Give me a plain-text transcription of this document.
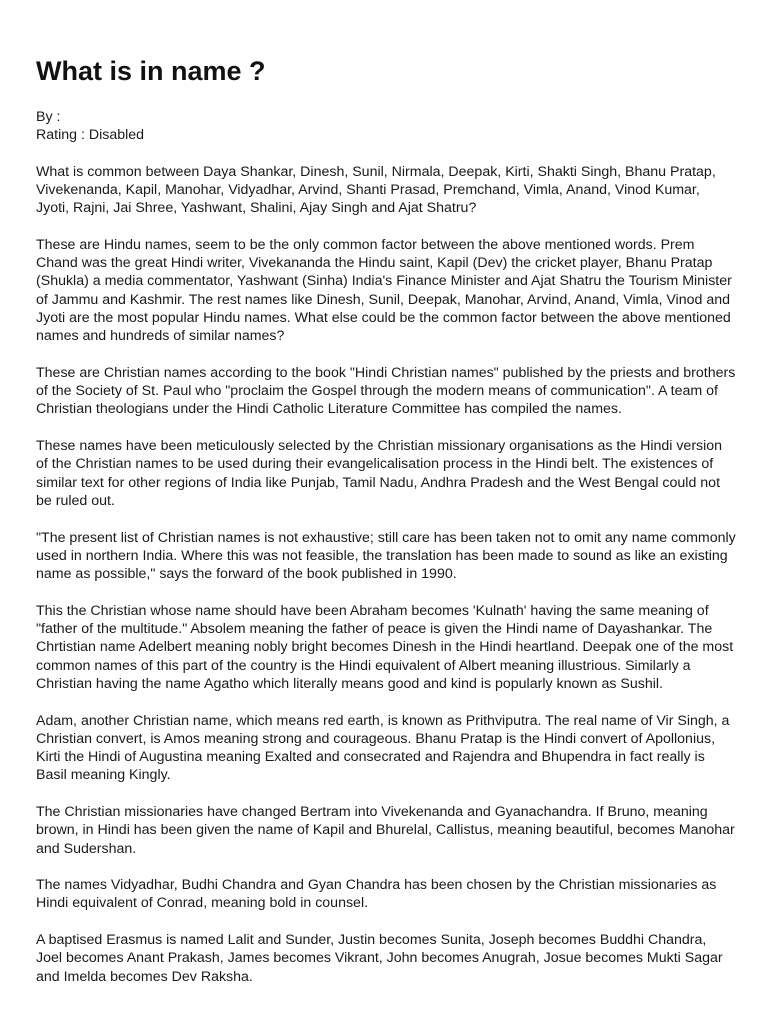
What is in name ?
By :
Rating : Disabled

What is common between Daya Shankar, Dinesh, Sunil, Nirmala, Deepak, Kirti, Shakti Singh, Bhanu Pratap, Vivekenanda, Kapil, Manohar, Vidyadhar, Arvind, Shanti Prasad, Premchand, Vimla, Anand, Vinod Kumar, Jyoti, Rajni, Jai Shree, Yashwant, Shalini, Ajay Singh and Ajat Shatru?

These are Hindu names, seem to be the only common factor between the above mentioned words. Prem Chand was the great Hindi writer, Vivekananda the Hindu saint, Kapil (Dev) the cricket player, Bhanu Pratap (Shukla) a media commentator, Yashwant (Sinha) India's Finance Minister and Ajat Shatru the Tourism Minister of Jammu and Kashmir. The rest names like Dinesh, Sunil, Deepak, Manohar, Arvind, Anand, Vimla, Vinod and Jyoti are the most popular Hindu names. What else could be the common factor between the above mentioned names and hundreds of similar names?

These are Christian names according to the book "Hindi Christian names" published by the priests and brothers of the Society of St. Paul who "proclaim the Gospel through the modern means of communication". A team of Christian theologians under the Hindi Catholic Literature Committee has compiled the names.

These names have been meticulously selected by the Christian missionary organisations as the Hindi version of the Christian names to be used during their evangelicalisation process in the Hindi belt. The existences of similar text for other regions of India like Punjab, Tamil Nadu, Andhra Pradesh and the West Bengal could not be ruled out.

"The present list of Christian names is not exhaustive; still care has been taken not to omit any name commonly used in northern India. Where this was not feasible, the translation has been made to sound as like an existing name as possible," says the forward of the book published in 1990.

This the Christian whose name should have been Abraham becomes 'Kulnath' having the same meaning of "father of the multitude." Absolem meaning the father of peace is given the Hindi name of Dayashankar. The Chrtistian name Adelbert meaning nobly bright becomes Dinesh in the Hindi heartland. Deepak one of the most common names of this part of the country is the Hindi equivalent of Albert meaning illustrious. Similarly a Christian having the name Agatho which literally means good and kind is popularly known as Sushil.

Adam, another Christian name, which means red earth, is known as Prithviputra. The real name of Vir Singh, a Christian convert, is Amos meaning strong and courageous. Bhanu Pratap is the Hindi convert of Apollonius, Kirti the Hindi of Augustina meaning Exalted and consecrated and Rajendra and Bhupendra in fact really is Basil meaning Kingly.

The Christian missionaries have changed Bertram into Vivekenanda and Gyanachandra. If Bruno, meaning brown, in Hindi has been given the name of Kapil and Bhurelal, Callistus, meaning beautiful, becomes Manohar and Sudershan.

The names Vidyadhar, Budhi Chandra and Gyan Chandra has been chosen by the Christian missionaries as Hindi equivalent of Conrad, meaning bold in counsel.

A baptised Erasmus is named Lalit and Sunder, Justin becomes Sunita, Joseph becomes Buddhi Chandra, Joel becomes Anant Prakash, James becomes Vikrant, John becomes Anugrah, Josue becomes Mukti Sagar and Imelda becomes Dev Raksha.
